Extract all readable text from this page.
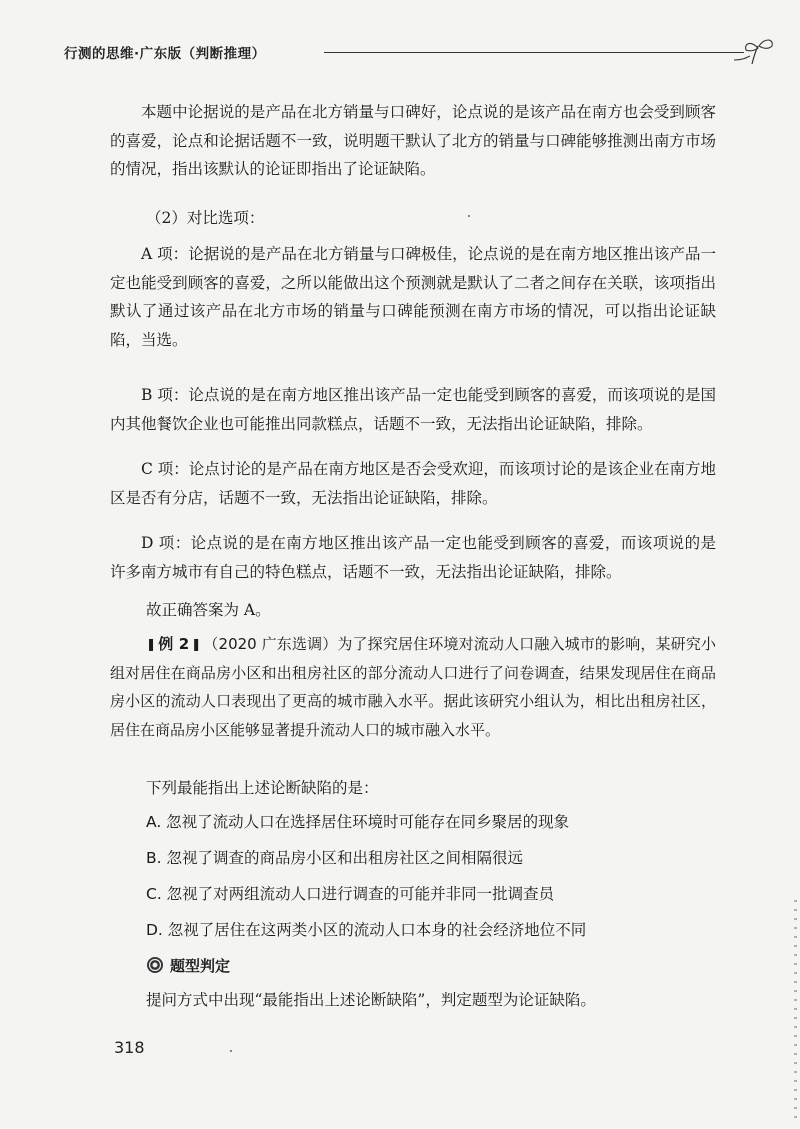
行测的思维·广东版（判断推理）
本题中论据说的是产品在北方销量与口碑好，论点说的是该产品在南方也会受到顾客的喜爱，论点和论据话题不一致，说明题干默认了北方的销量与口碑能够推测出南方市场的情况，指出该默认的论证即指出了论证缺陷。
（2）对比选项：
A 项：论据说的是产品在北方销量与口碑极佳，论点说的是在南方地区推出该产品一定也能受到顾客的喜爱，之所以能做出这个预测就是默认了二者之间存在关联，该项指出默认了通过该产品在北方市场的销量与口碑能预测在南方市场的情况，可以指出论证缺陷，当选。
B 项：论点说的是在南方地区推出该产品一定也能受到顾客的喜爱，而该项说的是国内其他餐饮企业也可能推出同款糕点，话题不一致，无法指出论证缺陷，排除。
C 项：论点讨论的是产品在南方地区是否会受欢迎，而该项讨论的是该企业在南方地区是否有分店，话题不一致，无法指出论证缺陷，排除。
D 项：论点说的是在南方地区推出该产品一定也能受到顾客的喜爱，而该项说的是许多南方城市有自己的特色糕点，话题不一致，无法指出论证缺陷，排除。
故正确答案为 A。
❚ 例 2 ❚ （2020 广东选调）为了探究居住环境对流动人口融入城市的影响，某研究小组对居住在商品房小区和出租房社区的部分流动人口进行了问卷调查，结果发现居住在商品房小区的流动人口表现出了更高的城市融入水平。据此该研究小组认为，相比出租房社区，居住在商品房小区能够显著提升流动人口的城市融入水平。
下列最能指出上述论断缺陷的是：
A. 忽视了流动人口在选择居住环境时可能存在同乡聚居的现象
B. 忽视了调查的商品房小区和出租房社区之间相隔很远
C. 忽视了对两组流动人口进行调查的可能并非同一批调查员
D. 忽视了居住在这两类小区的流动人口本身的社会经济地位不同
题型判定
提问方式中出现“最能指出上述论断缺陷”，判定题型为论证缺陷。
318
